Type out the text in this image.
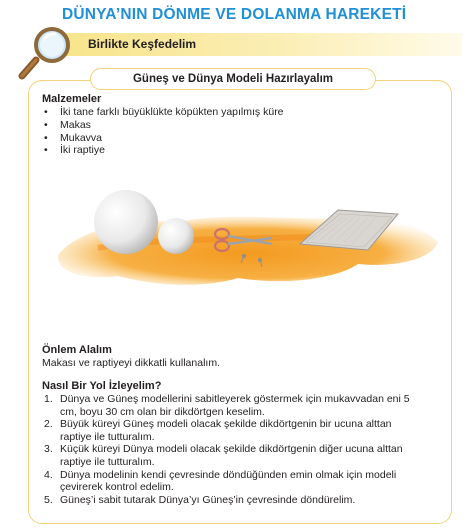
DÜNYA’NIN DÖNME VE DOLANMA HAREKETİ
Birlikte Keşfedelim
Güneş ve Dünya Modeli Hazırlayalım
Malzemeler
• İki tane farklı büyüklükte köpükten yapılmış küre
• Makas
• Mukavva
• İki raptiye
Önlem Alalım
Makası ve raptiyeyi dikkatli kullanalım.
Nasıl Bir Yol İzleyelim?
1. Dünya ve Güneş modellerini sabitleyerek göstermek için mukavvadan eni 5
cm, boyu 30 cm olan bir dikdörtgen keselim.
2. Büyük küreyi Güneş modeli olacak şekilde dikdörtgenin bir ucuna alttan
raptiye ile tutturalım.
3. Küçük küreyi Dünya modeli olacak şekilde dikdörtgenin diğer ucuna alttan
raptiye ile tutturalım.
4. Dünya modelinin kendi çevresinde döndüğünden emin olmak için modeli
çevirerek kontrol edelim.
5. Güneş’i sabit tutarak Dünya’yı Güneş’in çevresinde döndürelim.
